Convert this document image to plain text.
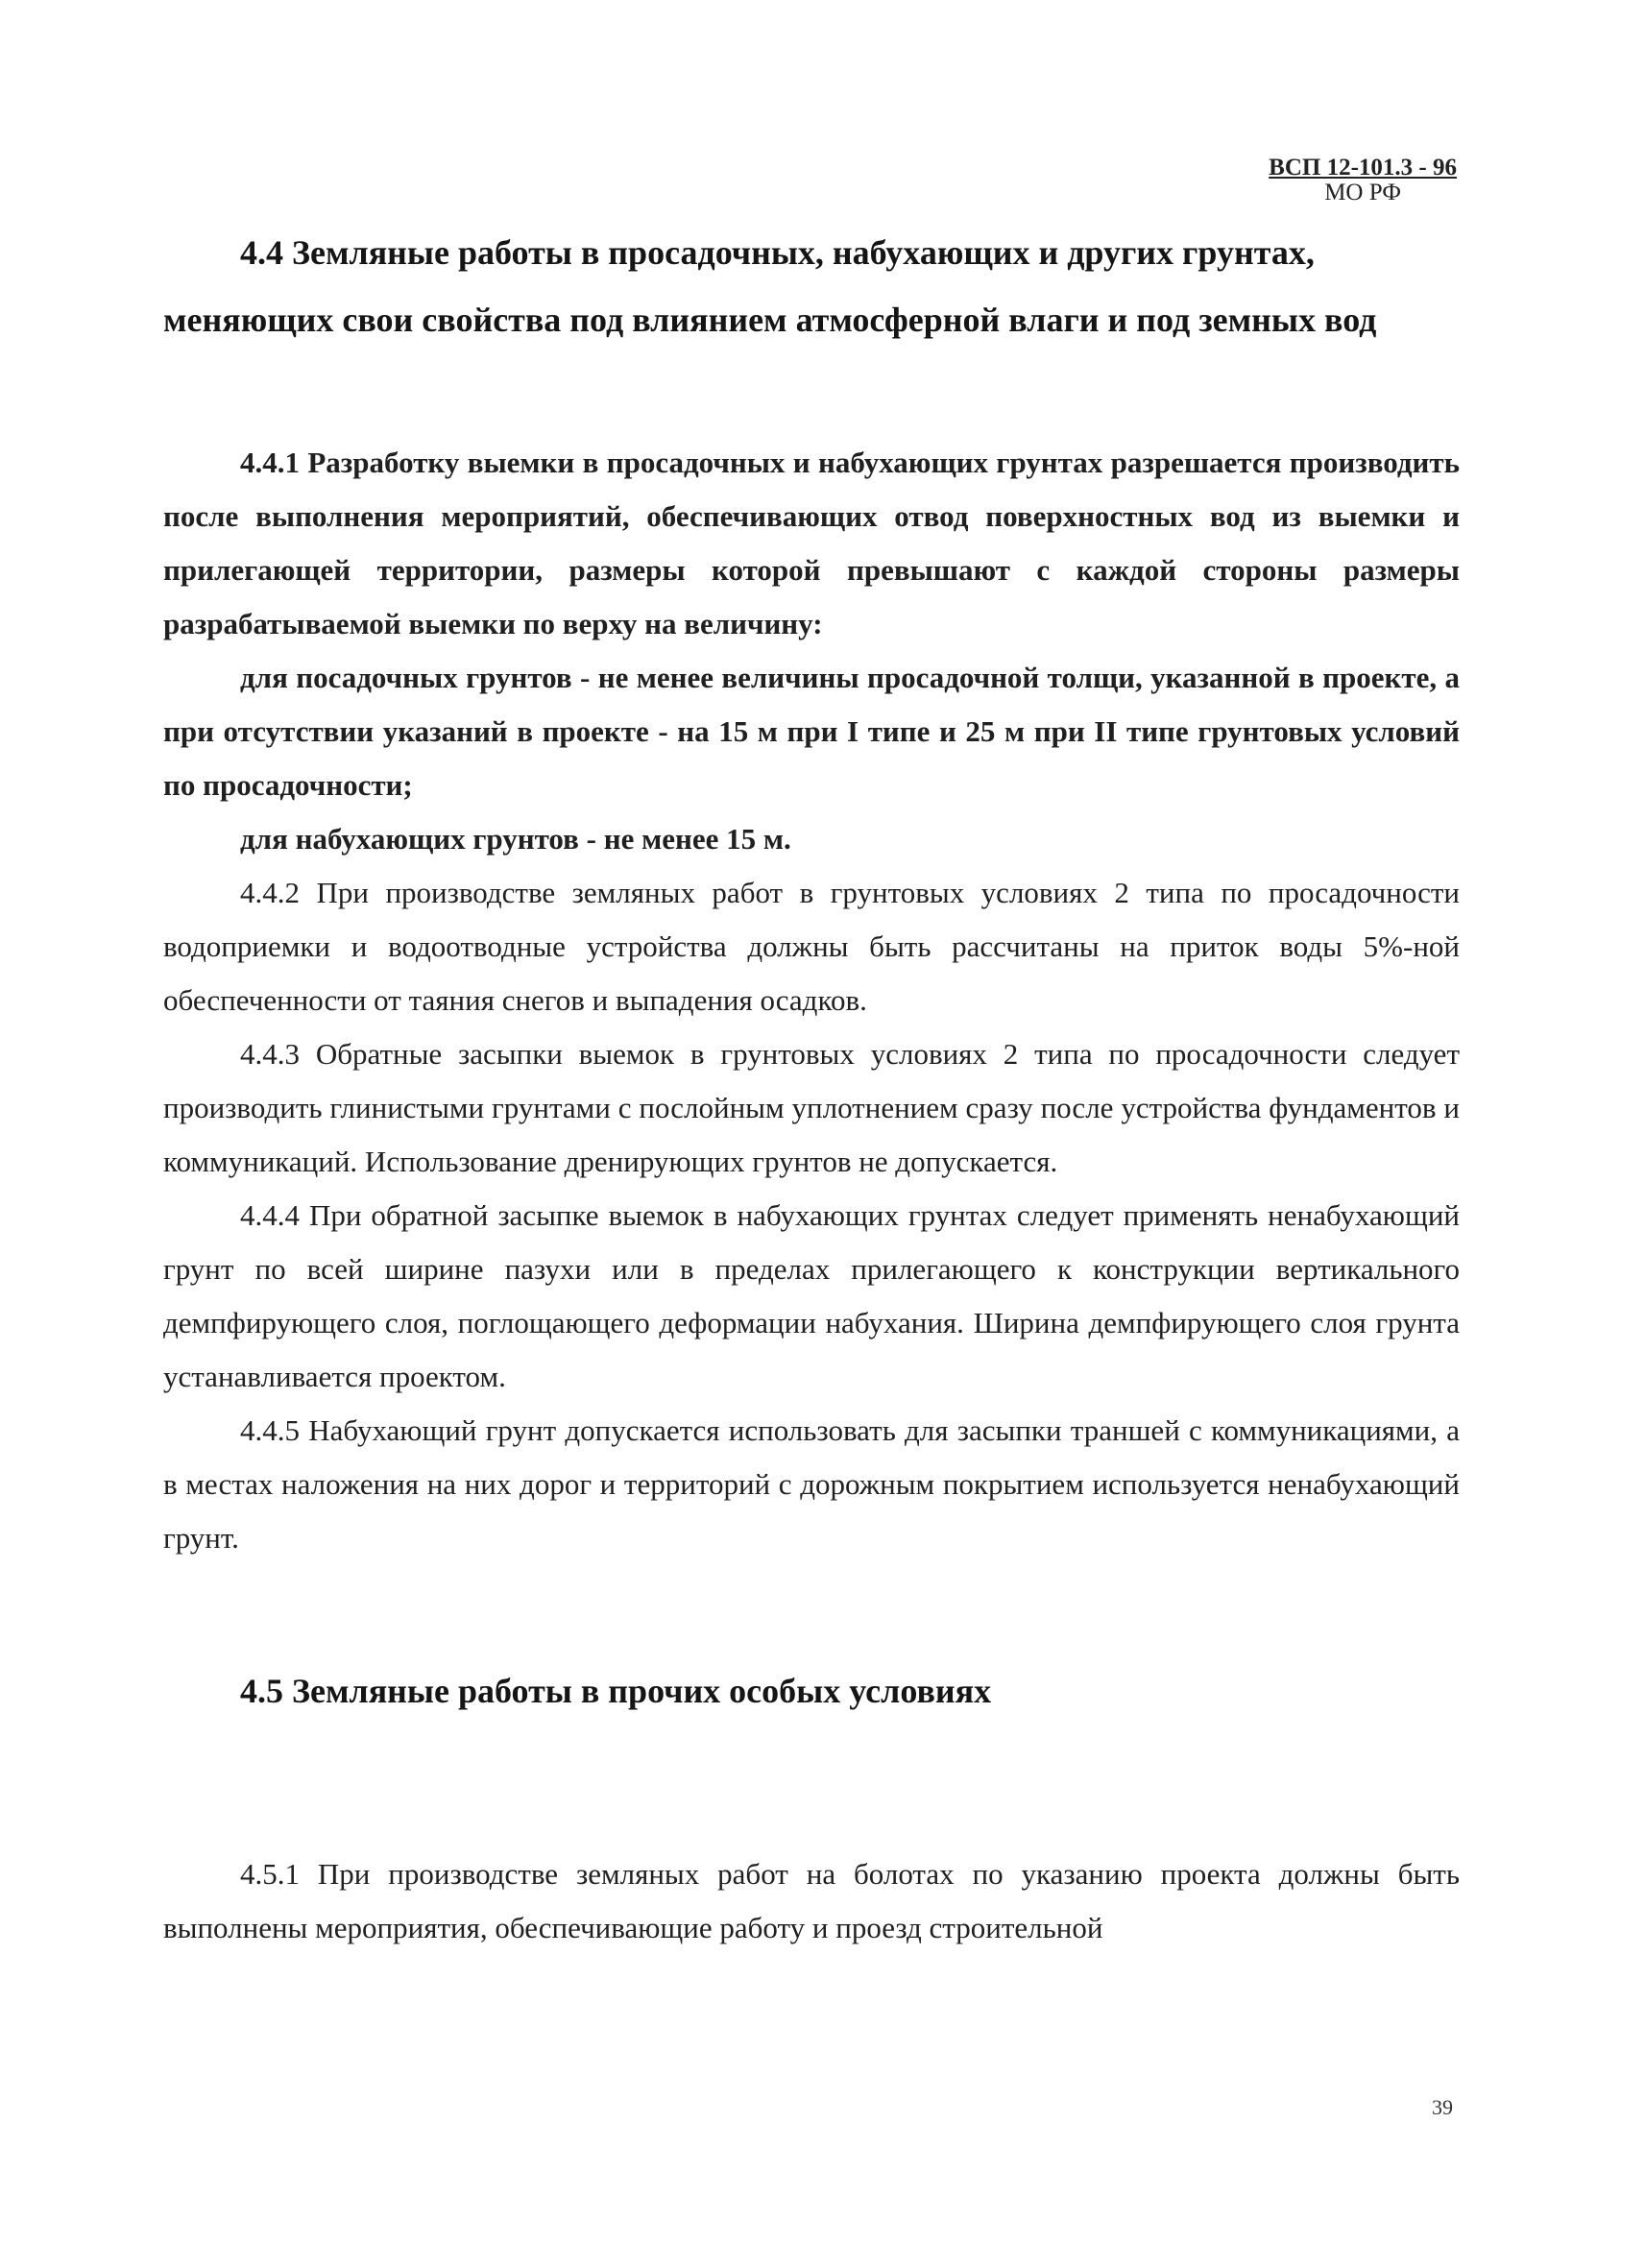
ВСП 12-101.3 - 96
МО РФ
4.4 Земляные работы в просадочных, набухающих и других грунтах, меняющих свои свойства под влиянием атмосферной влаги и под земных вод

4.4.1 Разработку выемки в просадочных и набухающих грунтах разрешается производить после выполнения мероприятий, обеспечивающих отвод поверхностных вод из выемки и прилегающей территории, размеры которой превышают с каждой стороны размеры разрабатываемой выемки по верху на величину:

для посадочных грунтов - не менее величины просадочной толщи, указанной в проекте, а при отсутствии указаний в проекте - на 15 м при I типе и 25 м при II типе грунтовых условий по просадочности;

для набухающих грунтов - не менее 15 м.

4.4.2 При производстве земляных работ в грунтовых условиях 2 типа по просадочности водоприемки и водоотводные устройства должны быть рассчитаны на приток воды 5%-ной обеспеченности от таяния снегов и выпадения осадков.

4.4.3 Обратные засыпки выемок в грунтовых условиях 2 типа по просадочности следует производить глинистыми грунтами с послойным уплотнением сразу после устройства фундаментов и коммуникаций. Использование дренирующих грунтов не допускается.

4.4.4 При обратной засыпке выемок в набухающих грунтах следует применять ненабухающий грунт по всей ширине пазухи или в пределах прилегающего к конструкции вертикального демпфирующего слоя, поглощающего деформации набухания. Ширина демпфирующего слоя грунта устанавливается проектом.

4.4.5 Набухающий грунт допускается использовать для засыпки траншей с коммуникациями, а в местах наложения на них дорог и территорий с дорожным покрытием используется ненабухающий грунт.

4.5 Земляные работы в прочих особых условиях

4.5.1 При производстве земляных работ на болотах по указанию проекта должны быть выполнены мероприятия, обеспечивающие работу и проезд строительной

39
